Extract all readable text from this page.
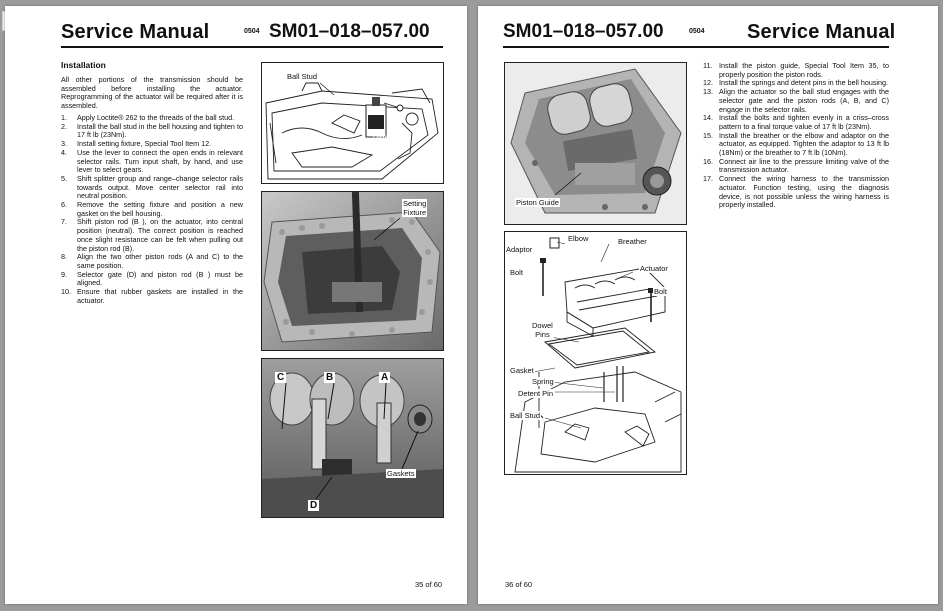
Service Manual	0504 SM01–018–057.00
Installation
All other portions of the transmission should be assembled before installing the actuator. Reprogramming of the actuator will be required after it is assembled.
1. Apply Loctite® 262 to the threads of the ball stud.
2. Install the ball stud in the bell housing and tighten to 17 ft lb (23Nm).
3. Install setting fixture, Special Tool Item 12.
4. Use the lever to connect the open ends in relevant selector rails. Turn input shaft, by hand, and use lever to select gears.
5. Shift splitter group and range–change selector rails towards output. Move center selector rail into neutral position.
6. Remove the setting fixture and position a new gasket on the bell housing.
7. Shift piston rod (B ), on the actuator, into central position (neutral). The correct position is reached once slight resistance can be felt when pulling out the piston rod (B).
8. Align the two other piston rods (A and C) to the same position.
9. Selector gate (D) and piston rod (B ) must be aligned.
10. Ensure that rubber gaskets are installed in the actuator.
Ball Stud
Loctite
262
Setting
Fixture
C	B	A
D
Gaskets
35 of 60
SM01–018–057.00	0504 Service Manual
11. Install the piston guide, Special Tool Item 35, to properly position the piston rods.
12. Install the springs and detent pins in the bell housing.
13. Align the actuator so the ball stud engages with the selector gate and the piston rods (A, B, and C) engage in the selector rails.
14. Install the bolts and tighten evenly in a criss–cross pattern to a final torque value of 17 ft lb (23Nm).
15. Install the breather or the elbow and adaptor on the actuator, as equipped. Tighten the adaptor to 13 ft lb (18Nm) or the breather to 7 ft lb (10Nm).
16. Connect air line to the pressure limiting valve of the transmission actuator.
17. Connect the wiring harness to the transmission actuator. Function testing, using the diagnosis device, is not possible unless the wiring harness is properly installed.
Piston Guide
Elbow	Breather
Adaptor
Bolt	Actuator
Bolt
Dowel
Pins
Gasket
Spring
Detent Pin
Ball Stud
36 of 60
